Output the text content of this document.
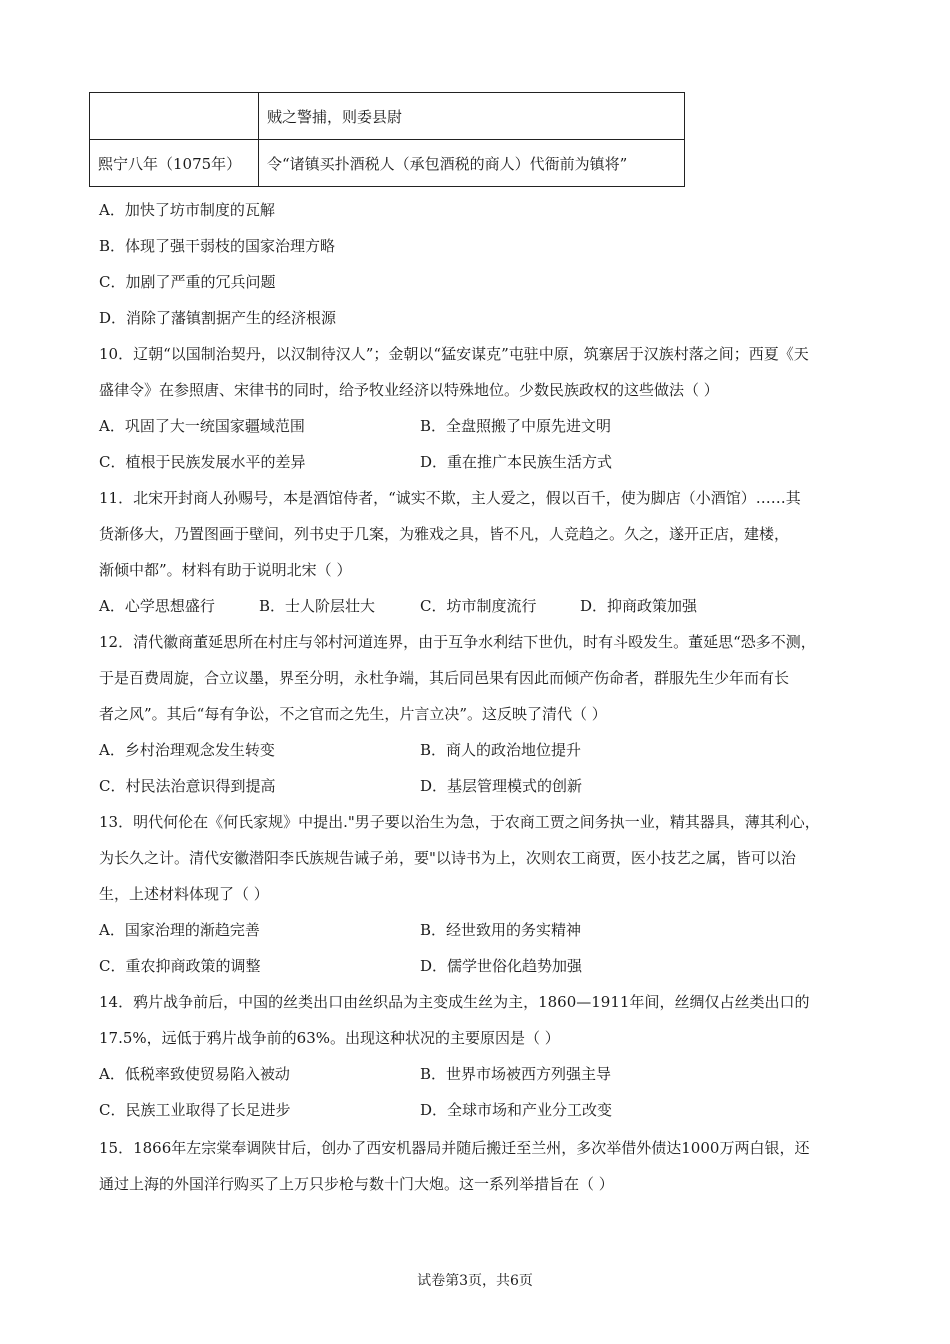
	贼之警捕，则委县尉
熙宁八年（1075年）	令“诸镇买扑酒税人（承包酒税的商人）代衙前为镇将”
A．加快了坊市制度的瓦解
B．体现了强干弱枝的国家治理方略
C．加剧了严重的冗兵问题
D．消除了藩镇割据产生的经济根源
10．辽朝“以国制治契丹，以汉制待汉人”；金朝以“猛安谋克”屯驻中原，筑寨居于汉族村落之间；西夏《天
盛律令》在参照唐、宋律书的同时，给予牧业经济以特殊地位。少数民族政权的这些做法（ ）
A．巩固了大一统国家疆域范围	B．全盘照搬了中原先进文明
C．植根于民族发展水平的差异	D．重在推广本民族生活方式
11．北宋开封商人孙赐号，本是酒馆侍者，“诚实不欺，主人爱之，假以百千，使为脚店（小酒馆）……其
货渐侈大，乃置图画于壁间，列书史于几案，为雅戏之具，皆不凡，人竞趋之。久之，遂开正店，建楼，
渐倾中都”。材料有助于说明北宋（ ）
A．心学思想盛行	B．士人阶层壮大	C．坊市制度流行	D．抑商政策加强
12．清代徽商董延思所在村庄与邻村河道连界，由于互争水利结下世仇，时有斗殴发生。董延思“恐多不测，
于是百费周旋，合立议墨，界至分明，永杜争端，其后同邑果有因此而倾产伤命者，群服先生少年而有长
者之风”。其后“每有争讼，不之官而之先生，片言立决”。这反映了清代（ ）
A．乡村治理观念发生转变	B．商人的政治地位提升
C．村民法治意识得到提高	D．基层管理模式的创新
13．明代何伦在《何氏家规》中提出."男子要以治生为急，于农商工贾之间务执一业，精其器具，薄其利心，
为长久之计。清代安徽潜阳李氏族规告诫子弟，要"以诗书为上，次则农工商贾，医小技艺之属，皆可以治
生，上述材料体现了（ ）
A．国家治理的渐趋完善	B．经世致用的务实精神
C．重农抑商政策的调整	D．儒学世俗化趋势加强
14．鸦片战争前后，中国的丝类出口由丝织品为主变成生丝为主，1860—1911年间，丝绸仅占丝类出口的
17.5%，远低于鸦片战争前的63%。出现这种状况的主要原因是（ ）
A．低税率致使贸易陷入被动	B．世界市场被西方列强主导
C．民族工业取得了长足进步	D．全球市场和产业分工改变
15．1866年左宗棠奉调陕甘后，创办了西安机器局并随后搬迁至兰州，多次举借外债达1000万两白银，还
通过上海的外国洋行购买了上万只步枪与数十门大炮。这一系列举措旨在（ ）
试卷第3页，共6页
